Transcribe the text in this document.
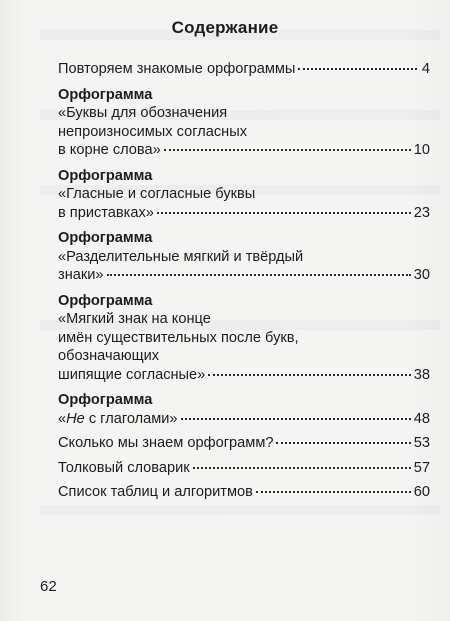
Содержание
Повторяем знакомые орфограммы	4
Орфограмма
«Буквы для обозначения
непроизносимых согласных
в корне слова»	10
Орфограмма
«Гласные и согласные буквы
в приставках»	23
Орфограмма
«Разделительные мягкий и твёрдый
знаки»	30
Орфограмма
«Мягкий знак на конце
имён существительных после букв,
обозначающих
шипящие согласные»	38
Орфограмма
«Не с глаголами»	48
Сколько мы знаем орфограмм?	53
Толковый словарик	57
Список таблиц и алгоритмов	60
62
